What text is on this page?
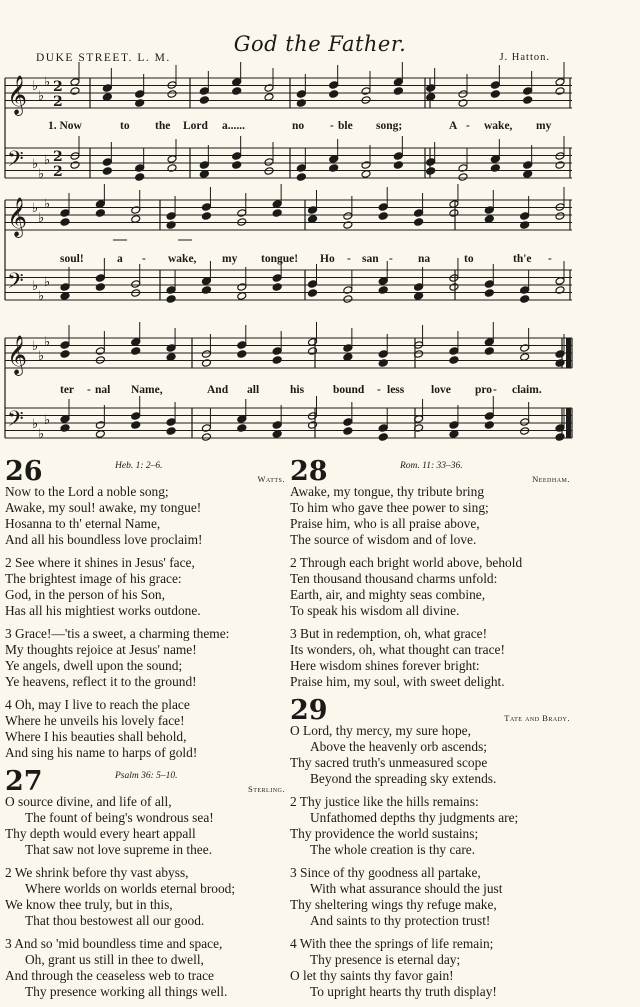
God the Father.
DUKE STREET. L. M.	J. Hatton.
𝄞 ♭
♭
♭
𝄢 ♭
♭
♭
2
2
2
2
𝄞 ♭
♭
♭
𝄢 ♭
♭
♭
𝄞 ♭
♭
♭
𝄢 ♭
♭
♭
1. Now	to the Lord a......	no - ble song;	A - wake, my
soul!	a - wake, my tongue! Ho - san - na	to	th'e -
ter - nal Name,	And all	his	bound - less love pro - claim.
26	Heb. 1: 2–6.
Watts.
Now to the Lord a noble song;
Awake, my soul! awake, my tongue!
Hosanna to th' eternal Name,
And all his boundless love proclaim!
2 See where it shines in Jesus' face,
The brightest image of his grace:
God, in the person of his Son,
Has all his mightiest works outdone.
3 Grace!—'tis a sweet, a charming theme:
My thoughts rejoice at Jesus' name!
Ye angels, dwell upon the sound;
Ye heavens, reflect it to the ground!
4 Oh, may I live to reach the place
Where he unveils his lovely face!
Where I his beauties shall behold,
And sing his name to harps of gold!
27	Psalm 36: 5–10.
Sterling.
O source divine, and life of all,
The fount of being's wondrous sea!
Thy depth would every heart appall
That saw not love supreme in thee.
2 We shrink before thy vast abyss,
Where worlds on worlds eternal brood;
We know thee truly, but in this,
That thou bestowest all our good.
3 And so 'mid boundless time and space,
Oh, grant us still in thee to dwell,
And through the ceaseless web to trace
Thy presence working all things well.
28	Rom. 11: 33–36.
Needham.
Awake, my tongue, thy tribute bring
To him who gave thee power to sing;
Praise him, who is all praise above,
The source of wisdom and of love.
2 Through each bright world above, behold
Ten thousand thousand charms unfold:
Earth, air, and mighty seas combine,
To speak his wisdom all divine.
3 But in redemption, oh, what grace!
Its wonders, oh, what thought can trace!
Here wisdom shines forever bright:
Praise him, my soul, with sweet delight.
29	Tate and Brady.
O Lord, thy mercy, my sure hope,
Above the heavenly orb ascends;
Thy sacred truth's unmeasured scope
Beyond the spreading sky extends.
2 Thy justice like the hills remains:
Unfathomed depths thy judgments are;
Thy providence the world sustains;
The whole creation is thy care.
3 Since of thy goodness all partake,
With what assurance should the just
Thy sheltering wings thy refuge make,
And saints to thy protection trust!
4 With thee the springs of life remain;
Thy presence is eternal day;
O let thy saints thy favor gain!
To upright hearts thy truth display!
